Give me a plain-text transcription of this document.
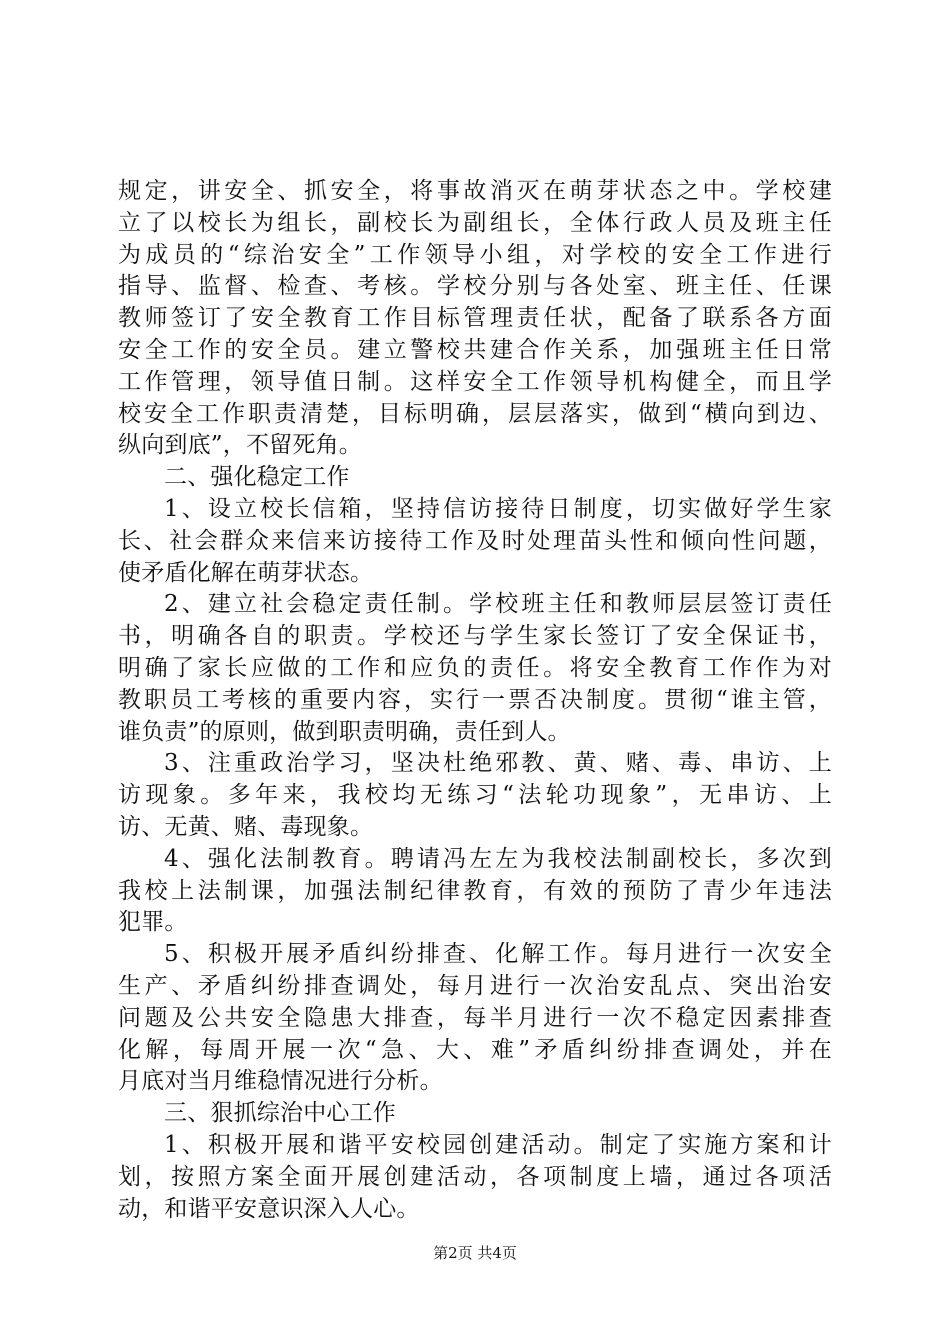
规定，讲安全、抓安全，将事故消灭在萌芽状态之中。学校建
立了以校长为组长，副校长为副组长，全体行政人员及班主任
为成员的“综治安全”工作领导小组，对学校的安全工作进行
指导、监督、检查、考核。学校分别与各处室、班主任、任课
教师签订了安全教育工作目标管理责任状，配备了联系各方面
安全工作的安全员。建立警校共建合作关系，加强班主任日常
工作管理，领导值日制。这样安全工作领导机构健全，而且学
校安全工作职责清楚，目标明确，层层落实，做到“横向到边、
纵向到底”，不留死角。
二、强化稳定工作
1、设立校长信箱，坚持信访接待日制度，切实做好学生家
长、社会群众来信来访接待工作及时处理苗头性和倾向性问题，
使矛盾化解在萌芽状态。
2、建立社会稳定责任制。学校班主任和教师层层签订责任
书，明确各自的职责。学校还与学生家长签订了安全保证书，
明确了家长应做的工作和应负的责任。将安全教育工作作为对
教职员工考核的重要内容，实行一票否决制度。贯彻“谁主管，
谁负责”的原则，做到职责明确，责任到人。
3、注重政治学习，坚决杜绝邪教、黄、赌、毒、串访、上
访现象。多年来，我校均无练习“法轮功现象”，无串访、上
访、无黄、赌、毒现象。
4、强化法制教育。聘请冯左左为我校法制副校长，多次到
我校上法制课，加强法制纪律教育，有效的预防了青少年违法
犯罪。
5、积极开展矛盾纠纷排查、化解工作。每月进行一次安全
生产、矛盾纠纷排查调处，每月进行一次治安乱点、突出治安
问题及公共安全隐患大排查，每半月进行一次不稳定因素排查
化解，每周开展一次“急、大、难”矛盾纠纷排查调处，并在
月底对当月维稳情况进行分析。
三、狠抓综治中心工作
1、积极开展和谐平安校园创建活动。制定了实施方案和计
划，按照方案全面开展创建活动，各项制度上墙，通过各项活
动，和谐平安意识深入人心。
第2页 共4页
